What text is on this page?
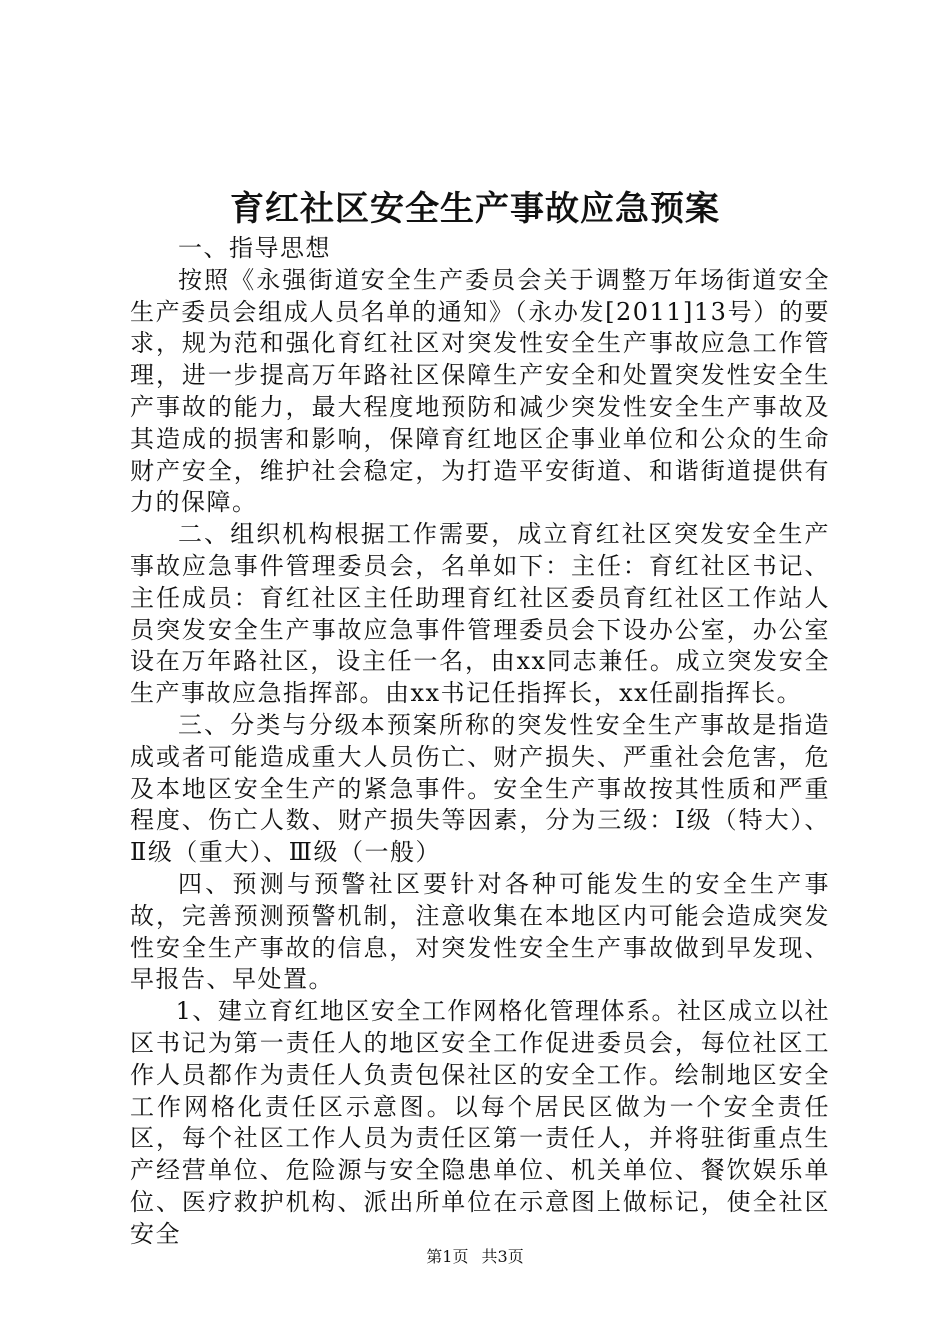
育红社区安全生产事故应急预案

一、指导思想

按照《永强街道安全生产委员会关于调整万年场街道安全生产委员会组成人员名单的通知》（永办发[2011]13号）的要求，规为范和强化育红社区对突发性安全生产事故应急工作管理，进一步提高万年路社区保障生产安全和处置突发性安全生产事故的能力，最大程度地预防和减少突发性安全生产事故及其造成的损害和影响，保障育红地区企事业单位和公众的生命财产安全，维护社会稳定，为打造平安街道、和谐街道提供有力的保障。

二、组织机构根据工作需要，成立育红社区突发安全生产事故应急事件管理委员会，名单如下：主任：育红社区书记、主任成员：育红社区主任助理育红社区委员育红社区工作站人员突发安全生产事故应急事件管理委员会下设办公室，办公室设在万年路社区，设主任一名，由xx同志兼任。成立突发安全生产事故应急指挥部。由xx书记任指挥长，xx任副指挥长。

三、分类与分级本预案所称的突发性安全生产事故是指造成或者可能造成重大人员伤亡、财产损失、严重社会危害，危及本地区安全生产的紧急事件。安全生产事故按其性质和严重程度、伤亡人数、财产损失等因素，分为三级：Ⅰ级（特大）、Ⅱ级（重大）、Ⅲ级（一般）

四、预测与预警社区要针对各种可能发生的安全生产事故，完善预测预警机制，注意收集在本地区内可能会造成突发性安全生产事故的信息，对突发性安全生产事故做到早发现、早报告、早处置。

1、建立育红地区安全工作网格化管理体系。社区成立以社区书记为第一责任人的地区安全工作促进委员会，每位社区工作人员都作为责任人负责包保社区的安全工作。绘制地区安全工作网格化责任区示意图。以每个居民区做为一个安全责任区，每个社区工作人员为责任区第一责任人，并将驻街重点生产经营单位、危险源与安全隐患单位、机关单位、餐饮娱乐单位、医疗救护机构、派出所单位在示意图上做标记，使全社区安全

第1页 共3页
